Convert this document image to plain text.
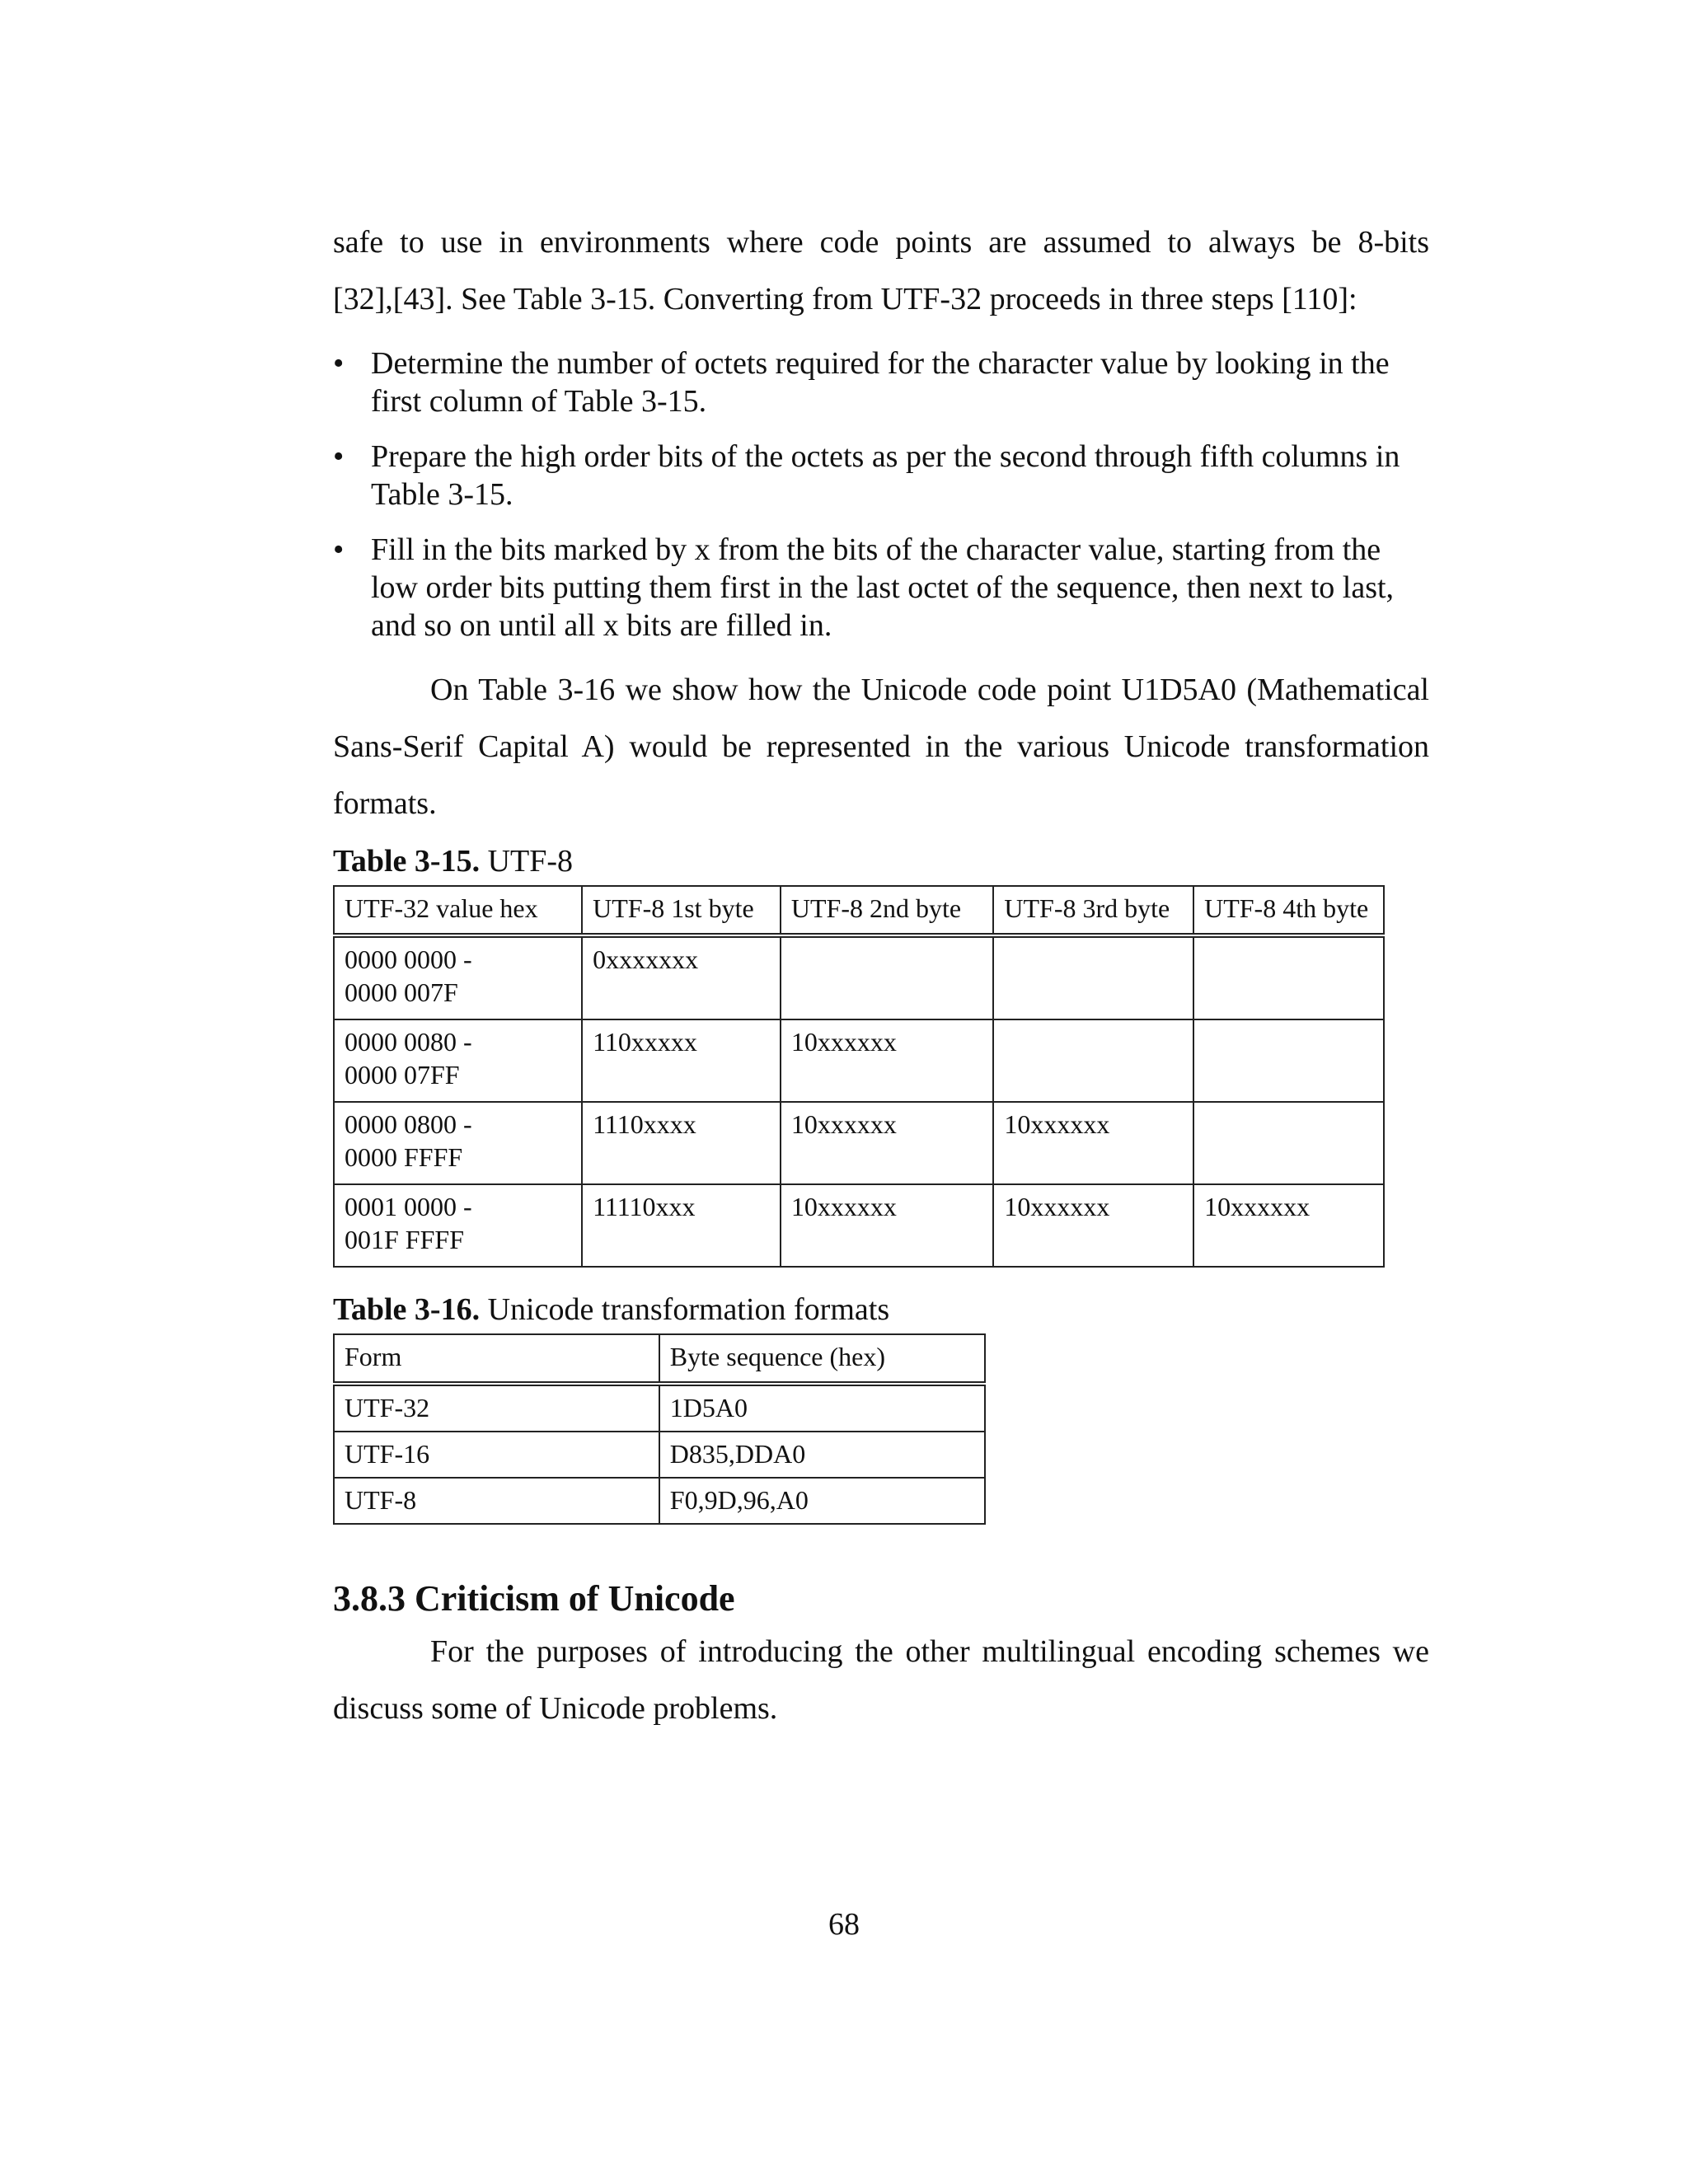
safe to use in environments where code points are assumed to always be 8-bits

[32],[43]. See Table 3-15. Converting from UTF-32 proceeds in three steps [110]:

• Determine the number of octets required for the character value by looking in the first column of Table 3-15.
• Prepare the high order bits of the octets as per the second through fifth columns in Table 3-15.
• Fill in the bits marked by x from the bits of the character value, starting from the low order bits putting them first in the last octet of the sequence, then next to last, and so on until all x bits are filled in.

On Table 3-16 we show how the Unicode code point U1D5A0 (Mathematical Sans-Serif Capital A) would be represented in the various Unicode transformation formats.

Table 3-15. UTF-8

UTF-32 value hex	UTF-8 1st byte	UTF-8 2nd byte	UTF-8 3rd byte	UTF-8 4th byte
0000 0000 -
0000 007F	0xxxxxxx			
0000 0080 -
0000 07FF	110xxxxx	10xxxxxx		
0000 0800 -
0000 FFFF	1110xxxx	10xxxxxx	10xxxxxx	
0001 0000 -
001F FFFF	11110xxx	10xxxxxx	10xxxxxx	10xxxxxx

Table 3-16. Unicode transformation formats

Form	Byte sequence (hex)
UTF-32	1D5A0
UTF-16	D835,DDA0
UTF-8	F0,9D,96,A0
3.8.3 Criticism of Unicode

For the purposes of introducing the other multilingual encoding schemes we discuss some of Unicode problems.

68
